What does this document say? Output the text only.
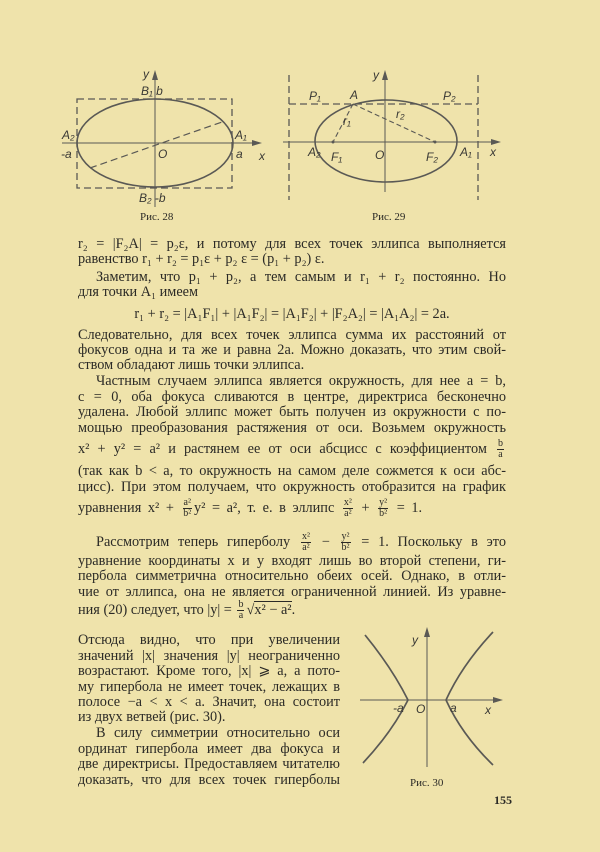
y
B₁ b
A₂
-a	O
A₁
a x
B₂ -b
y
P₁ A	P₂
r₁	r₂
A₂ F₁	O	F₂ A₁ x
y
-a O a x
Рис. 28	Рис. 29
Рис. 30
r₂ = |F₂A| = p₂ε, и потому для всех точек эллипса выполняется
равенство r₁ + r₂ = p₁ε + p₂ ε = (p₁ + p₂) ε.
Заметим, что p₁ + p₂, а тем самым и r₁ + r₂ постоянно. Но
для точки A₁ имеем
r₁ + r₂ = |A₁F₁| + |A₁F₂| = |A₁F₂| + |F₂A₂| = |A₁A₂| = 2a.
Следовательно, для всех точек эллипса сумма их расстояний от
фокусов одна и та же и равна 2a. Можно доказать, что этим свой-
ством обладают лишь точки эллипса.
Частным случаем эллипса является окружность, для нее a = b,
c = 0, оба фокуса сливаются в центре, директриса бесконечно
удалена. Любой эллипс может быть получен из окружности с по-
мощью преобразования растяжения от оси. Возьмем окружность
x² + y² = a² и растянем ее от оси абсцисс с коэффициентом $\frac{b}{a}$
(так как b < a, то окружность на самом деле сожмется к оси абс-
цисс). При этом получаем, что окружность отобразится на график
уравнения $x^2 + \frac{\text{a²}}{\text{b²}} y^2 = a^2$, т. е. в эллипс $\frac{\text{x²}}{\text{a²}} + \frac{\text{y²}}{\text{b²}} = 1$.
Рассмотрим теперь гиперболу $\frac{\text{x²}}{\text{a²}} - \frac{\text{y²}}{\text{b²}} = 1$. Поскольку в это
уравнение координаты x и y входят лишь во второй степени, ги-
пербола симметрична относительно обеих осей. Однако, в отли-
чие от эллипса, она не является ограниченной линией. Из уравне-
ния (20) следует, что $|y| = \frac{b}{a} √x^2 - a^2$.
Отсюда видно, что при увеличении
значений |x| значения |y| неограниченно
возрастают. Кроме того, |x| ⩾ a, а пото-
му гипербола не имеет точек, лежащих в
полосе −a < x < a. Значит, она состоит
из двух ветвей (рис. 30).
В силу симметрии относительно оси
ординат гипербола имеет два фокуса и
две директрисы. Предоставляем читателю
доказать, что для всех точек гиперболы
155
